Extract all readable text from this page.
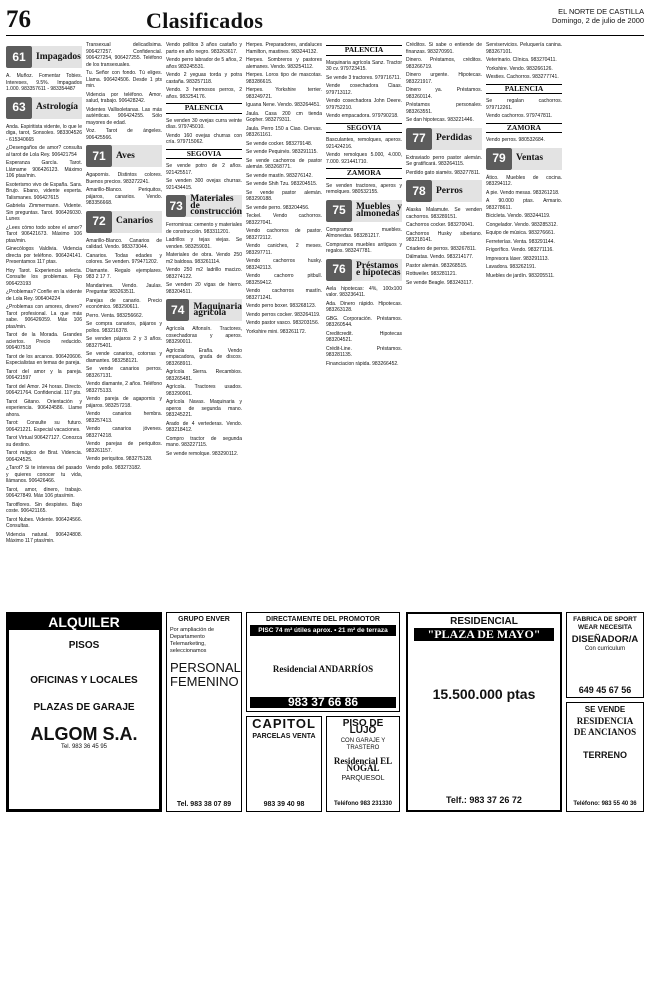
76	Clasificados	EL NORTE DE CASTILLA
Domingo, 2 de julio de 2000
61	Impagados

A. Muñoz. Fomentar Tobies. Intereses, 9.5%. Impagados 1.000. 983357611 - 983354487

63	Astrología

Anda. Espiritista vidente, lo que le diga, tarot, Sonsoles. 983304526 - 615340665

¿Desengaños de amor? consulta al tarot de Lola Rey. 906421754

Esperanza García. Tarot. Llámame 906426123. Máximo 106 ptas/min.

Esoterismo vivo de España. Sara. Brujo. Ebano, vidente experta. Talismanes. 906427615

Gabriela Zimmermann. Vidente. Sin preguntas. Tarot. 906426030. Lunes

¿Lees cómo todo sobre el amor? Tarot 906421673. Máximo 106 ptas/min.

Ginecólogos Valdivia. Videncia directa por teléfono. 906424141. Presentamos 117 ptas.

Hoy Tarot. Experiencia selecta. Consulte los problemas. Fijo 906423193

¿Problemas? Confíe en la vidente de Lola Rey. 906404224

¿Problemas con amores, dinero? Tarot profesional. La que más sabe. 906426059. Máx 106 ptas/min.

Tarot de la Morada. Grandes aciertos. Precio reducido. 906407518

Tarot de los arcanos. 906420606. Especialistas en temas de pareja.

Tarot del amor y la pareja. 906421597

Tarot del Amor. 24 horas. Directo. 906421764. Confidencial. 117 pts.

Tarot Gitano. Orientación y experiencia. 906424586. Llame ahora.

Tarot: Consulte su futuro. 906421221. Especial vacaciones.

Tarot Virtual 906427127. Conozca su destino.

Tarot mágico de Brat. Videncia. 906424525.

¿Tarot? Si te interesa del pasado y quieres conocer tu vida, llámanos. 906426466.

Tarot, amor, dinero, trabajo. 906427849. Máx 106 ptas/min.

Tarotflores. Sin despistes. Bajo coste. 906421165.

Tarot Nubes. Vidente. 906424566. Consultas.

Videncia natural. 906424808. Máximo 117 ptas/min.

Transexual delicadísima. 906427257. Confidencial. 906427254, 906427255. Teléfono de los transexuales.

Tu. Señor con fondo. Tú eliges. Llama. 906424506. Desde 1 pts min.

Videncia por teléfono. Amor, salud, trabajo. 906428242.

Videntes Vallisoletanas. Las más auténticas. 906424255. Sólo mayores de edad.

Voz. Tarot de ángeles. 906425566.

71	Aves

Agapornis. Distintos colores. Buenos precios. 983272241.

Amarillo-Blanco. Periquitos, pájaros, canarios. Vendo. 983356668.

72	Canarios

Amarillo-Blanco. Canarios de calidad. Vendo. 983373044.

Canarios. Todas edades y colores. Se venden. 979471202.

Diamante. Regalo ejemplares. 983 2 17 7.

Mandarines. Vendo. Jaulas. Preguntar 983263511.

Parejas de canario. Precio económico. 983290611.

Perro. Venta. 983256662.

Se compra canarios, pájaros y pollos. 983216378.

Se venden pájaros 2 y 3 años. 983275401.

Se vende canarios, cotorras y diamantes. 983258121.

Se vende canarios perros. 983267131.

Vendo diamante, 2 años. Teléfono 983275133.

Vendo pareja de agapornis y pájaros. 983257218.

Vendo canarios hembra. 983257413.

Vendo canarios jóvenes. 983274218.

Vendo parejas de periquitos. 983261157.

Vendo periquitos. 983275128.

Vendo pollo. 983273182.

Vendo pollitos 3 años castaño y parto en año negro. 983263617.

Vendo perro labrador de 5 años, 2 años 983245531.

Vendo 2 yeguas torda y potra castaña. 983257118.

Vendo. 3 hermosos perros, 2 años. 983254176.

PALENCIA

Se venden 30 ovejas curra veinte días. 979745010.

Vendo 160 ovejas churras con cría. 979715062.

SEGOVIA

Se vende potro de 2 años. 921425517.

Se venden 300 ovejas churras. 921434415.

73 Materiales de construcción

Ferrominsa: cemento y materiales de construcción. 983311201.

Ladrillos y tejas viejas. Se venden. 983259031.

Materiales de obra. Vendo 250 m2 baldosa. 983261114.

Vendo 250 m2 ladrillo macizo. 983274122.

Se venden 20 vigas de hierro. 983204511.

74 Maquinaria agrícola

Agrícola Alfonsín. Tractores, cosechadoras y aperos. 983290011.

Agrícola Eraña. Vendo empacadora, grada de discos. 983268911.

Agrícola Sierra. Recambios. 983265481.

Agrícola. Tractores usados. 983290061.

Agrícola Navas. Maquinaria y aperos de segunda mano. 983245221.

Arado de 4 vertederas. Vendo. 983218412.

Compro tractor de segunda mano. 983227115.

Se vende remolque. 983290112.

Herpes. Preparadores, andaluces Hamilton, mastines. 983244132.

Herpes. Sombreros y pastores alemanes. Vendo. 983254112.

Herpes. Loros tipo de mascotas. 983286615.

Herpes. Yorkshire terrier. 983249721.

Iguana Nene. Vendo. 983264451.

Jaula. Casa 200 cm tienda Gopher. 983279311.

Jaula. Perro 150 a Ciao. Ciervas. 983261161.

Se vende cocker. 983279148.

Se vende Pequinés. 983291115.

Se vende cachorros de pastor alemán. 983268771.

Se vende mastín. 983276142.

Se vende Shih Tzu. 983204515.

Se vende pastor alemán. 983290188.

Se vende perro. 983204456.

Teckel. Vendo cachorros. 983227041.

Vendo cachorros de pastor. 983272112.

Vendo caniches, 2 meses. 983297711.

Vendo cachorros husky. 983242113.

Vendo cachorro pitbull. 983259412.

Vendo cachorros mastín. 983271241.

Vendo perro boxer. 983268123.

Vendo perros cocker. 983264119.

Vendo pastor vasco. 983203156.

Yorkshire mini. 983261172.

PALENCIA

Maquinaria agrícola Sanz. Tractor 30 cv. 979723415.

Se vende 3 tractores. 979716711.

Vende cosechadora Claas. 979713112.

Vendo cosechadora John Deere. 979752210.

Vendo empacadora. 979790218.

SEGOVIA

Basculantes, remolques, aperos. 921424216.

Vendo remolques 5.000, 4.000, 7.000. 921441710.

ZAMORA

Se venden tractores, aperos y remolques. 980532155.

75	Muebles y almonedas

Compramos muebles. Almonedas. 983281217.

Compramos muebles antiguos y regalos. 983247781.

76	Préstamos e hipotecas

Aela hipotecas: 4%, 100x100 valor. 983236411.

Ada. Dinero rápido. Hipotecas. 983263128.

GBG. Corporación. Préstamos. 983260544.

Creditcredit. Hipotecas 983204521.

Crédit-Line. Préstamos. 983281135.

Financiacion rápida. 983266452.

Créditos. Si sabe o entiende de finanzas. 983270991.

Dinero. Préstamos, créditos. 983266719.

Dinero urgente. Hipotecas. 983221917.

Dinero ya. Préstamos. 983260114.

Préstamos personales. 983263551.

Se dan hipotecas. 983221446.

77	Perdidas

Extraviado perro pastor alemán. Se gratificará. 983264115.

Perdido gato siamés. 983277811.

78	Perros

Alaska Malamute. Se venden cachorros. 983289151.

Cachorros cocker. 983270041.

Cachorros Husky siberiano. 983218141.

Criadero de perros. 983267811.

Dálmatas. Vendo. 983214177.

Pastor alemán. 983268515.

Rottweiler. 983281121.

Se vende Beagle. 983243117.

Serviservicios. Peluquería canina. 983267101.

Veterinario. Clínica. 983270411.

Yorkshire. Vendo. 983266126.

Westies. Cachorros. 983277741.

PALENCIA

Se regalan cachorros. 979712261.

Vendo cachorros. 979747811.

ZAMORA

Vendo perros. 980532684.

79	Ventas

Ático. Muebles de cocina. 983294112.

A pie. Vendo mesas. 983261218.

A 90.000 ptas. Armario. 983278611.

Bicicleta. Vendo. 983244119.

Congelador. Vendo. 983285312.

Equipo de música. 983276661.

Ferreterías. Venta. 983291144.

Frigorífico. Vendo. 983271116.

Impresora láser. 983291113.

Lavadora. 983262191.

Muebles de jardín. 983205511.

ALQUILER
PISOS
OFICINAS Y LOCALES
PLAZAS DE GARAJE
ALGOM S.A.
Tel. 983 36 45 95
GRUPO ENVER
Por ampliación de Departamento Telemarketing, seleccionamos
PERSONAL FEMENINO
Tel. 983 38 07 89
DIRECTAMENTE DEL PROMOTOR
PISC 74 m² útiles aprox. • 21 m² de terraza
Residencial ANDARRÍOS
983 37 66 86
CAPITOL
PARCELAS VENTA
983 39 40 98
PISO DE LUJO
CON GARAJE Y TRASTERO
Residencial EL NOGAL
PARQUESOL
Teléfono 983 231330
RESIDENCIAL
"PLAZA DE MAYO"
15.500.000 ptas
Telf.: 983 37 26 72
FABRICA DE SPORT WEAR NECESITA
DISEÑADOR/A
Con curriculum
649 45 67 56
SE VENDE
RESIDENCIA DE ANCIANOS
TERRENO
Teléfono: 983 55 40 36
